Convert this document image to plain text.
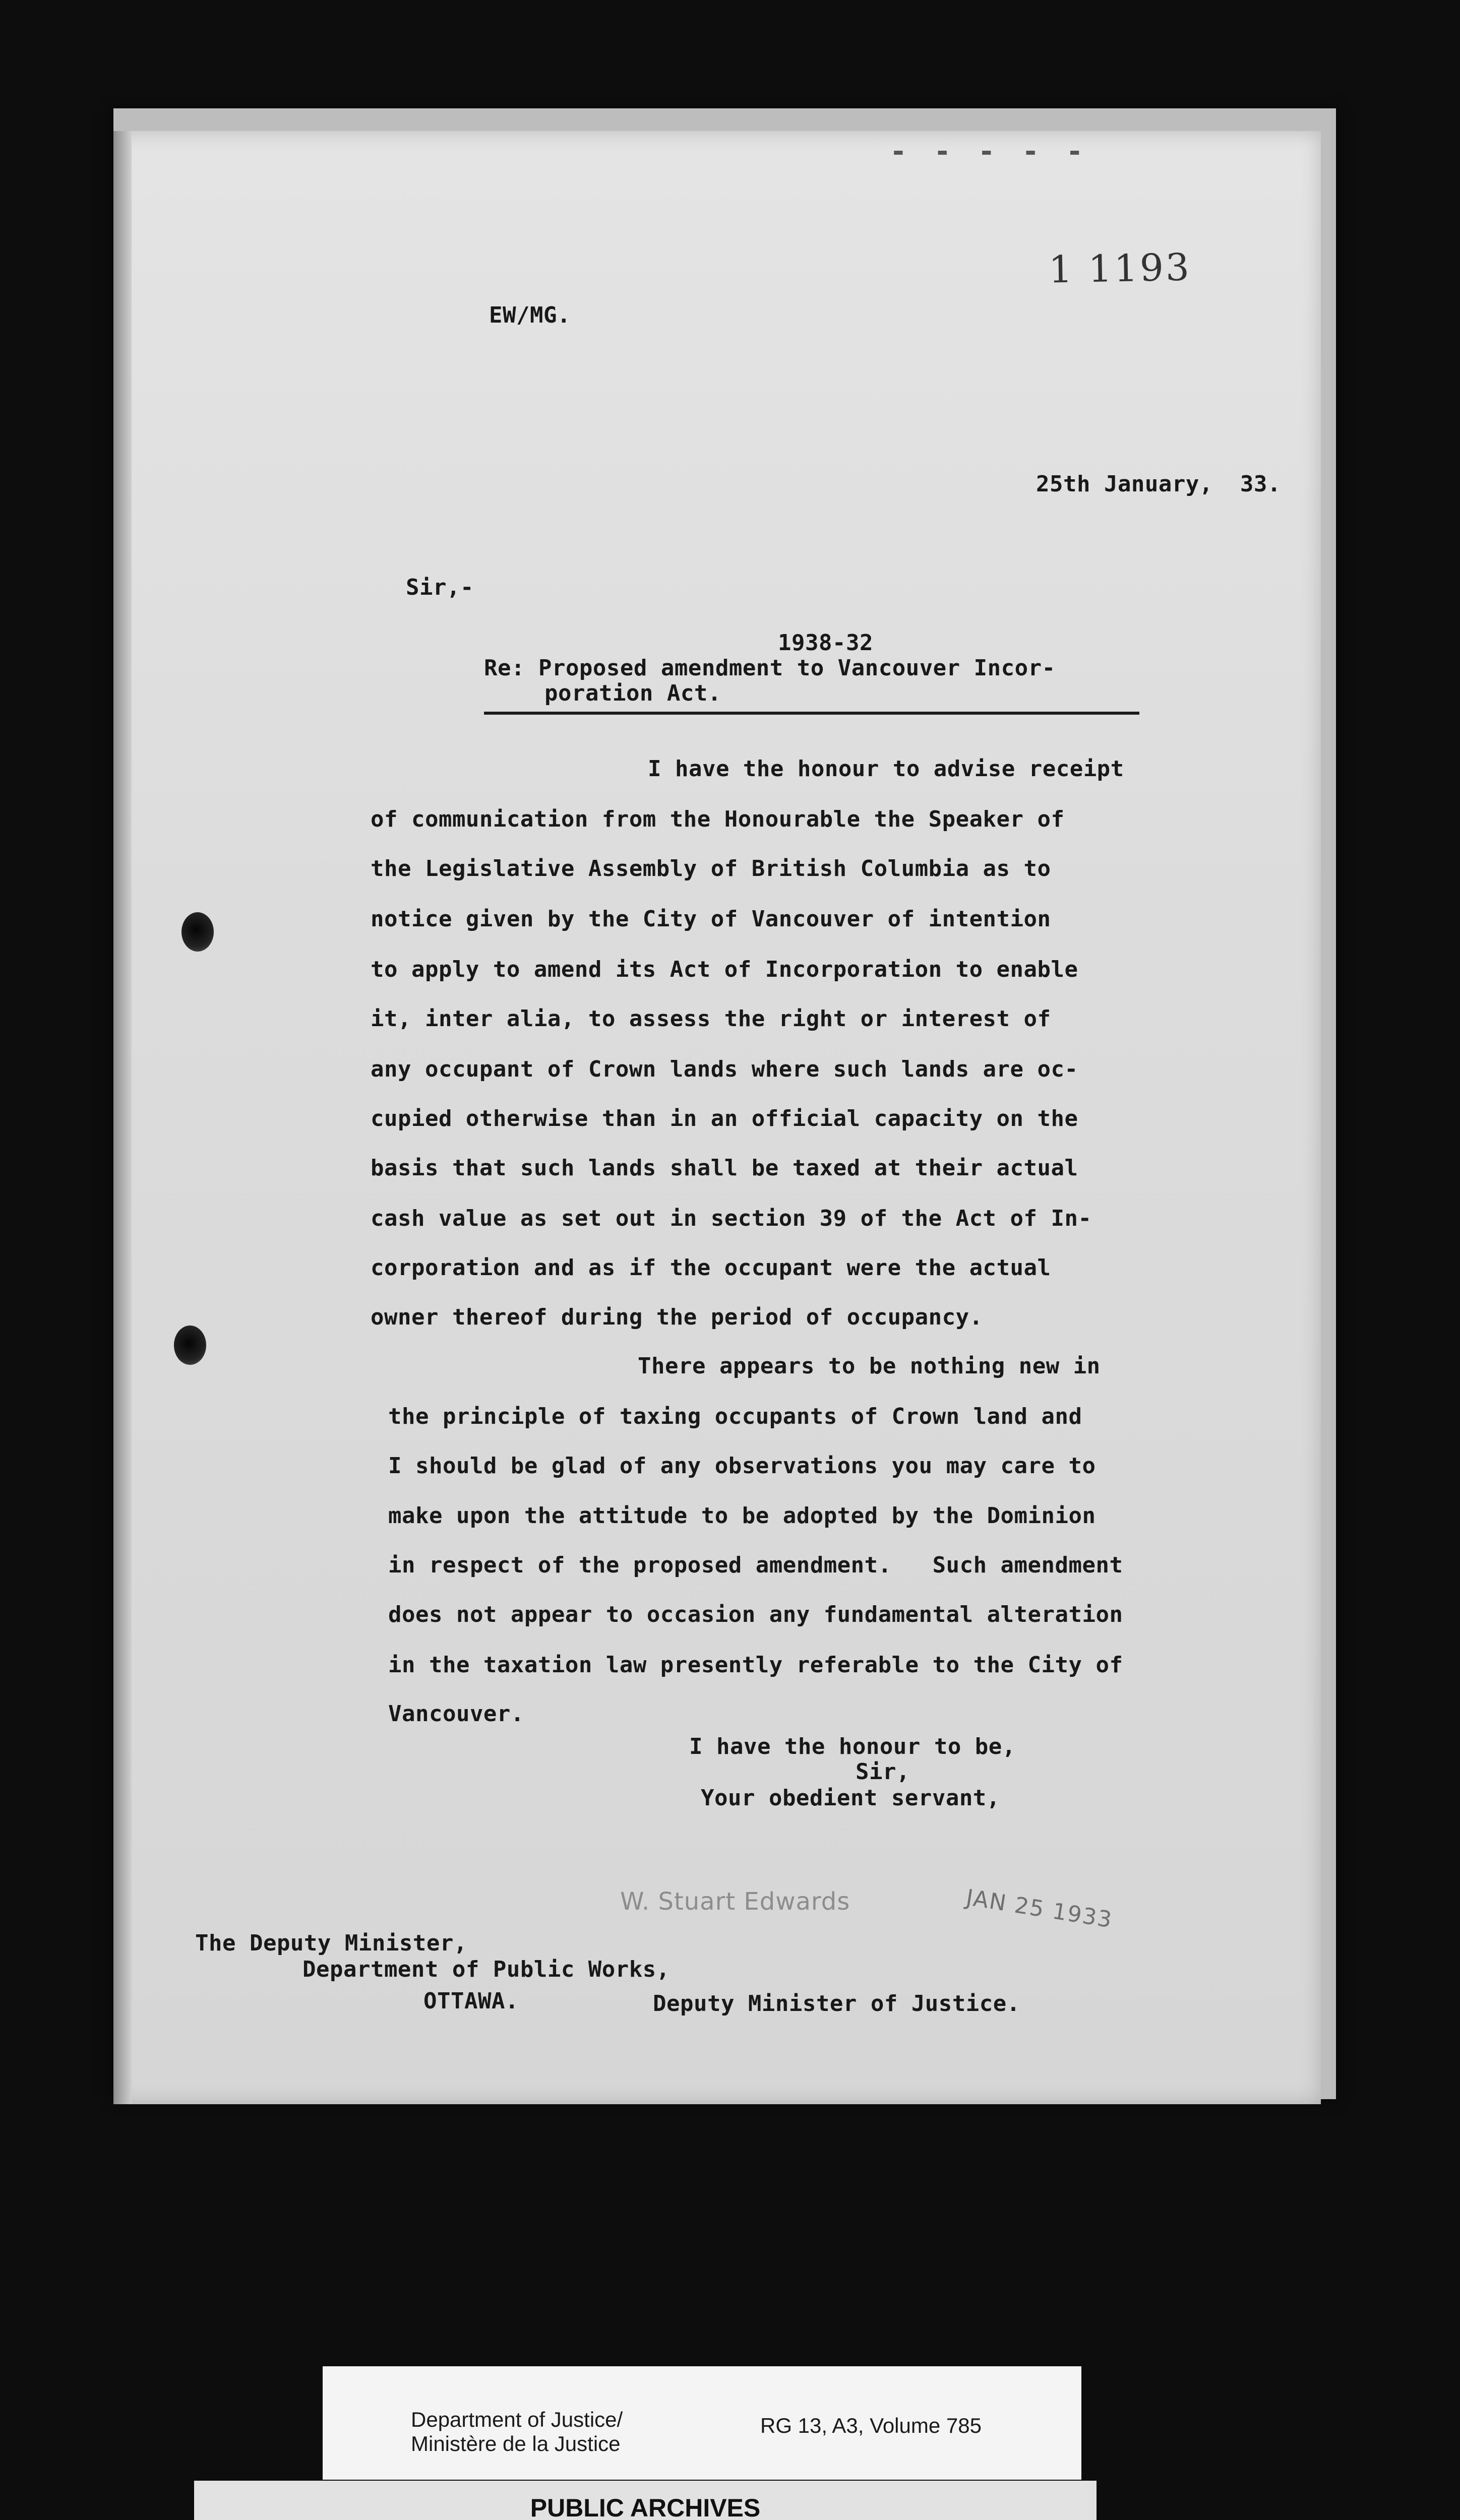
- - - - -
1 1193
EW/MG.
25th January,  33.
Sir,-
1938-32
Re: Proposed amendment to Vancouver Incor-
poration Act.
I have the honour to advise receipt
of communication from the Honourable the Speaker of
the Legislative Assembly of British Columbia as to
notice given by the City of Vancouver of intention
to apply to amend its Act of Incorporation to enable
it, inter alia, to assess the right or interest of
any occupant of Crown lands where such lands are oc-
cupied otherwise than in an official capacity on the
basis that such lands shall be taxed at their actual
cash value as set out in section 39 of the Act of In-
corporation and as if the occupant were the actual
owner thereof during the period of occupancy.
There appears to be nothing new in
the principle of taxing occupants of Crown land and
I should be glad of any observations you may care to
make upon the attitude to be adopted by the Dominion
in respect of the proposed amendment.   Such amendment
does not appear to occasion any fundamental alteration
in the taxation law presently referable to the City of
Vancouver.
I have the honour to be,
Sir,
Your obedient servant,
The Deputy Minister,
Department of Public Works,
OTTAWA.	Deputy Minister of Justice.
W. Stuart Edwards	JAN 25 1933
Department of Justice/
Ministère de la Justice
RG 13, A3, Volume 785
PUBLIC ARCHIVES
